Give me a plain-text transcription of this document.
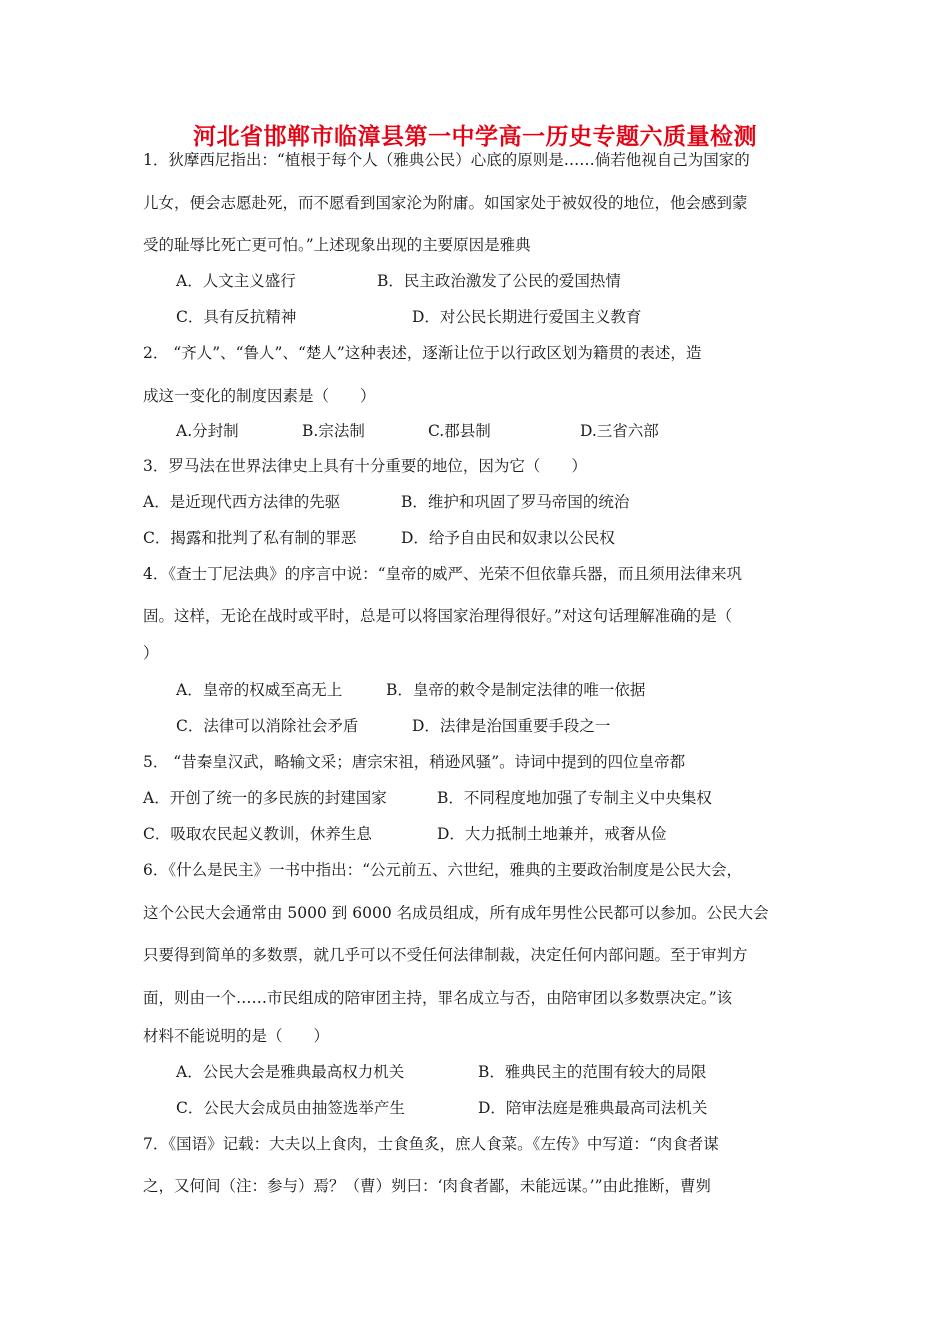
河北省邯郸市临漳县第一中学高一历史专题六质量检测
1．狄摩西尼指出：“植根于每个人（雅典公民）心底的原则是……倘若他视自己为国家的
儿女，便会志愿赴死，而不愿看到国家沦为附庸。如国家处于被奴役的地位，他会感到蒙
受的耻辱比死亡更可怕。”上述现象出现的主要原因是雅典
A．人文主义盛行	B．民主政治激发了公民的爱国热情
C．具有反抗精神	D．对公民长期进行爱国主义教育
2． “齐人”、“鲁人”、“楚人”这种表述，逐渐让位于以行政区划为籍贯的表述，造
成这一变化的制度因素是（　　）
A.分封制	B.宗法制	C.郡县制	D.三省六部
3．罗马法在世界法律史上具有十分重要的地位，因为它（　　）
A．是近现代西方法律的先驱	B．维护和巩固了罗马帝国的统治
C．揭露和批判了私有制的罪恶	D．给予自由民和奴隶以公民权
4．《查士丁尼法典》的序言中说：“皇帝的威严、光荣不但依靠兵器，而且须用法律来巩
固。这样，无论在战时或平时，总是可以将国家治理得很好。”对这句话理解准确的是（
）
A．皇帝的权威至高无上	B．皇帝的敕令是制定法律的唯一依据
C．法律可以消除社会矛盾	D．法律是治国重要手段之一
5． “昔秦皇汉武，略输文采；唐宗宋祖，稍逊风骚”。诗词中提到的四位皇帝都
A．开创了统一的多民族的封建国家	B．不同程度地加强了专制主义中央集权
C．吸取农民起义教训，休养生息	D．大力抵制土地兼并，戒奢从俭
6．《什么是民主》一书中指出：“公元前五、六世纪，雅典的主要政治制度是公民大会，
这个公民大会通常由 5000 到 6000 名成员组成，所有成年男性公民都可以参加。公民大会
只要得到简单的多数票，就几乎可以不受任何法律制裁，决定任何内部问题。至于审判方
面，则由一个……市民组成的陪审团主持，罪名成立与否，由陪审团以多数票决定。”该
材料不能说明的是（　　）
A．公民大会是雅典最高权力机关	B．雅典民主的范围有较大的局限
C．公民大会成员由抽签选举产生	D．陪审法庭是雅典最高司法机关
7．《国语》记载：大夫以上食肉，士食鱼炙，庶人食菜。《左传》中写道：“肉食者谋
之，又何间（注：参与）焉？（曹）刿曰：‘肉食者鄙，未能远谋。’”由此推断，曹刿
